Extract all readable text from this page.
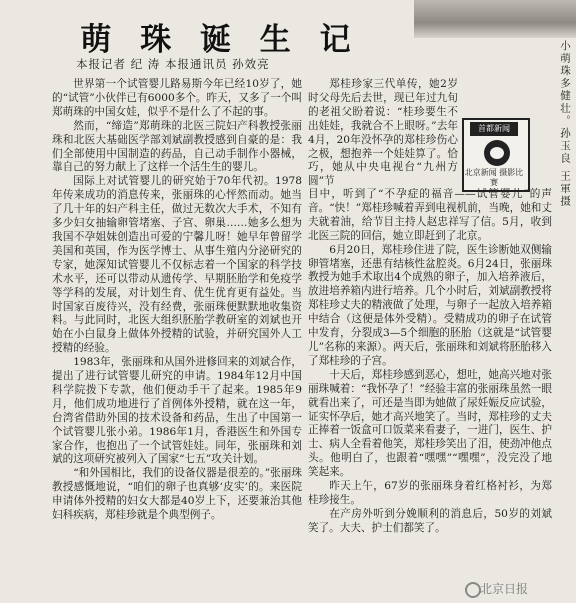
萌 珠 诞 生 记
本报记者 纪 涛 本报通讯员 孙效亮

世界第一个试管婴儿路易斯今年已经10岁了，她的“试管”小伙伴已有6000多个。昨天，又多了一个叫郑萌珠的中国女娃，似乎不是什么了不起的事。

然而，“缔造”郑萌珠的北医三院妇产科教授张丽珠和北医大基础医学部刘斌副教授感到自豪的是：我们全部使用中国制造的药品，自己动手制作小器械，靠自己的努力献上了这样一个活生生的婴儿。

国际上对试管婴儿的研究始于70年代初。1978年传来成功的消息传来，张丽珠的心怦然而动。她当了几十年的妇产科主任，做过无数次大手术，不知有多少妇女抽输卵管堵塞、子宫、卵巢……她多么想为我国不孕姐妹创造出可爱的宁馨儿呀！她早年曾留学美国和英国，作为医学博士、从事生殖内分泌研究的专家，她深知试管婴儿不仅标志着一个国家的科学技术水平，还可以带动从遗传学、早期胚胎学和免疫学等学科的发展，对计划生育、优生优育更有益处。当时国家百废待兴，没有经费，张丽珠便默默地收集资料。与此同时，北医大组织胚胎学教研室的刘斌也开始在小白鼠身上做体外授精的试验，并研究国外人工授精的经验。

1983年，张丽珠和从国外进修回来的刘斌合作，提出了进行试管婴儿研究的申请。1984年12月中国科学院拨下专款，他们便动手干了起来。1985年9月，他们成功地进行了首例体外授精，就在这一年，台湾省借助外国的技术设备和药品，生出了中国第一个试管婴儿张小弟。1986年1月，香港医生和外国专家合作，也抱出了一个试管娃娃。同年，张丽珠和刘斌的这项研究被列入了国家“七五”攻关计划。

“和外国相比，我们的设备仪器是很差的。”张丽珠教授感慨地说，“咱们的卵子也真够‘皮实’的。来医院申请体外授精的妇女大都是40岁上下，还要兼治其他妇科疾病，郑桂珍就是个典型例子。

郑桂珍家三代单传，她2岁时父母先后去世，现已年过九旬的老祖父盼着说：“桂珍要生不出娃娃，我就合不上眼呀。”去年4月，20年没怀孕的郑桂珍伤心之极，想抱养一个娃娃算了。恰巧，她从中央电视台“九州方圆”节	小萌珠多健壮。孙玉良 王軍摄
首都新闻
北京新闻 摄影比赛

目中，听到了“不孕症的福音——试管婴儿”的声音。“快！”郑桂珍喊着弄到电视机前，当晚，她和丈夫就着油，给节目主持人赵忠祥写了信。5月，收到北医三院的回信，她立即赶到了北京。

6月20日，郑桂珍住进了院，医生诊断她双侧输卵管堵塞，还患有结核性盆腔炎。6月24日，张丽珠教授为她手术取出4个成熟的卵子，加入培养液后，放进培养箱内进行培养。几个小时后，刘斌副教授将郑桂珍丈夫的精液做了处理，与卵子一起放入培养箱中结合（这便是体外受精）。受精成功的卵子在试管中发育，分裂成3—5个细胞的胚胎（这就是“试管婴儿”名称的来源）。两天后，张丽珠和刘斌将胚胎移入了郑桂珍的子宫。

十天后，郑桂珍感到恶心，想吐，她高兴地对张丽珠喊着：“我怀孕了！”经验丰富的张丽珠虽然一眼就看出来了，可还是当即为她做了尿妊娠反应试验，证实怀孕后，她才高兴地笑了。当时，郑桂珍的丈夫正捧着一饭盒可口饭菜来看妻子，一进门，医生、护士、病人全看着他笑，郑桂珍笑出了泪，使劲冲他点头。他明白了，也跟着“嘿嘿”“嘿嘿”，没完没了地笑起来。

昨天上午，67岁的张丽珠身着红格衬衫，为郑桂珍接生。

在产房外听到分娩顺利的消息后，50岁的刘斌笑了。大夫、护士们都笑了。

北京日报
